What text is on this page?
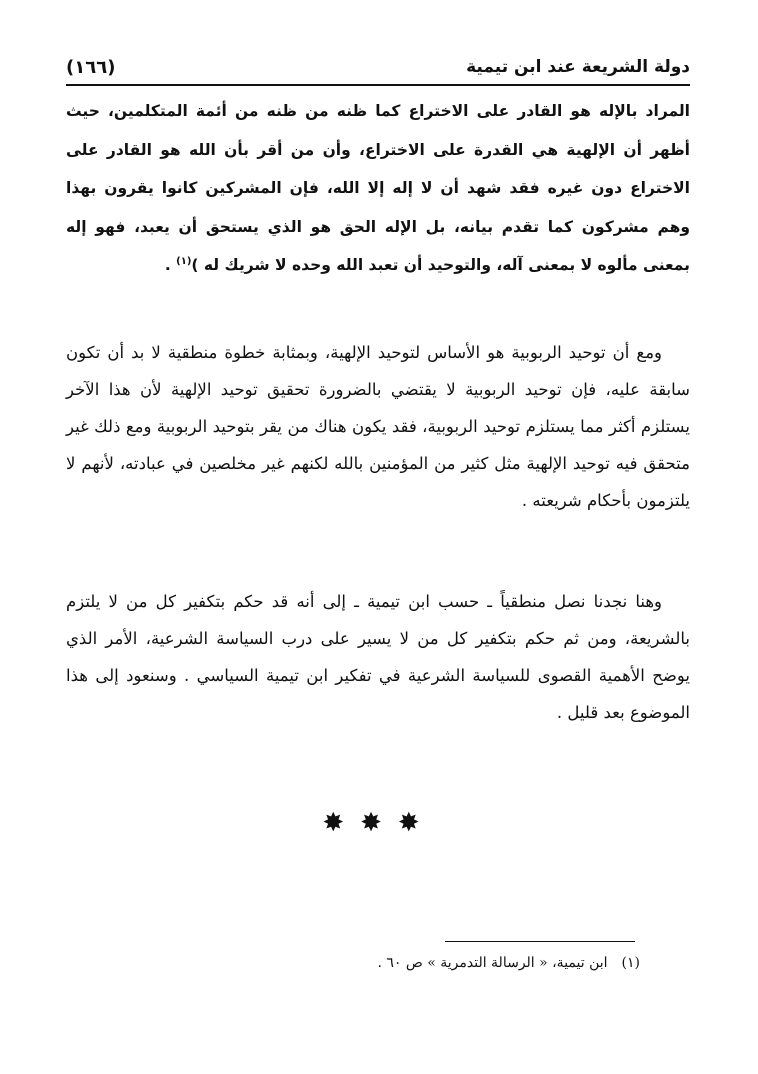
دولة الشريعة عند ابن تيمية
(١٦٦)
المراد بالإله هو القادر على الاختراع كما ظنه من ظنه من أئمة المتكلمين، حيث أظهر أن الإلهية هي القدرة على الاختراع، وأن من أقر بأن الله هو القادر على الاختراع دون غيره فقد شهد أن لا إله إلا الله، فإن المشركين كانوا يقرون بهذا وهم مشركون كما تقدم بيانه، بل الإله الحق هو الذي يستحق أن يعبد، فهو إله بمعنى مألوه لا بمعنى آله، والتوحيد أن تعبد الله وحده لا شريك له )$^{(١)}$ .
ومع أن توحيد الربوبية هو الأساس لتوحيد الإلهية، وبمثابة خطوة منطقية لا بد أن تكون سابقة عليه، فإن توحيد الربوبية لا يقتضي بالضرورة تحقيق توحيد الإلهية لأن هذا الآخر يستلزم أكثر مما يستلزم توحيد الربوبية، فقد يكون هناك من يقر بتوحيد الربوبية ومع ذلك غير متحقق فيه توحيد الإلهية مثل كثير من المؤمنين بالله لكنهم غير مخلصين في عبادته، لأنهم لا يلتزمون بأحكام شريعته .
وهنا نجدنا نصل منطقياً ـ حسب ابن تيمية ـ إلى أنه قد حكم بتكفير كل من لا يلتزم بالشريعة، ومن ثم حكم بتكفير كل من لا يسير على درب السياسة الشرعية، الأمر الذي يوضح الأهمية القصوى للسياسة الشرعية في تفكير ابن تيمية السياسي . وسنعود إلى هذا الموضوع بعد قليل .
✸✸✸
(١)ابن تيمية، « الرسالة التدمرية » ص ٦٠ .
